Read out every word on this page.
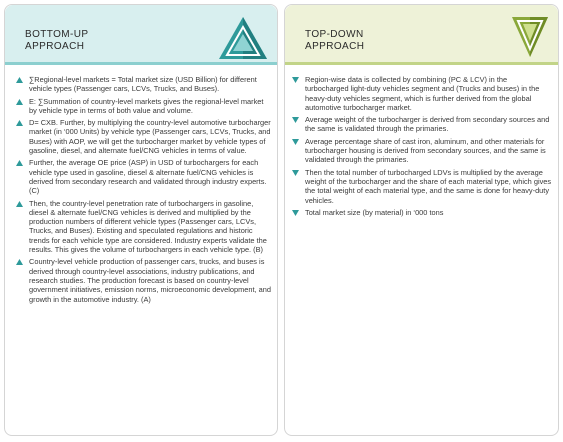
BOTTOM-UP
APPROACH
∑Regional-level markets = Total market size (USD Billion) for different vehicle types (Passenger cars, LCVs, Trucks, and Buses).
E: ∑Summation of country-level markets gives the regional-level market by vehicle type in terms of both value and volume.
D= CXB. Further, by multiplying the country-level automotive turbocharger market (in ‘000 Units) by vehicle type (Passenger cars, LCVs, Trucks, and Buses) with AOP, we will get the turbocharger market by vehicle types of gasoline, diesel, and alternate fuel/CNG vehicles in terms of value.
Further, the average OE price (ASP) in USD of turbochargers for each vehicle type used in gasoline, diesel & alternate fuel/CNG vehicles is derived from secondary research and validated through industry experts. (C)
Then, the country-level penetration rate of turbochargers in gasoline, diesel & alternate fuel/CNG vehicles is derived and multiplied by the production numbers of different vehicle types (Passenger cars, LCVs, Trucks, and Buses). Existing and speculated regulations and historic trends for each vehicle type are considered. Industry experts validate the results. This gives the volume of turbochargers in each vehicle type. (B)
Country-level vehicle production of passenger cars, trucks, and buses is derived through country-level associations, industry publications, and research studies. The production forecast is based on country-level government initiatives, emission norms, microeconomic development, and growth in the automotive industry. (A)
TOP-DOWN
APPROACH
Region-wise data is collected by combining (PC & LCV) in the turbocharged light-duty vehicles segment and (Trucks and buses) in the heavy-duty vehicles segment, which is further derived from the global automotive turbocharger market.
Average weight of the turbocharger is derived from secondary sources and the same is validated through the primaries.
Average percentage share of cast iron, aluminum, and other materials for turbocharger housing is derived from secondary sources, and the same is validated through the primaries.
Then the total number of turbocharged LDVs is multiplied by the average weight of the turbocharger and the share of each material type, which gives the total weight of each material type, and the same is done for heavy-duty vehicles.
Total market size (by material) in ‘000 tons
